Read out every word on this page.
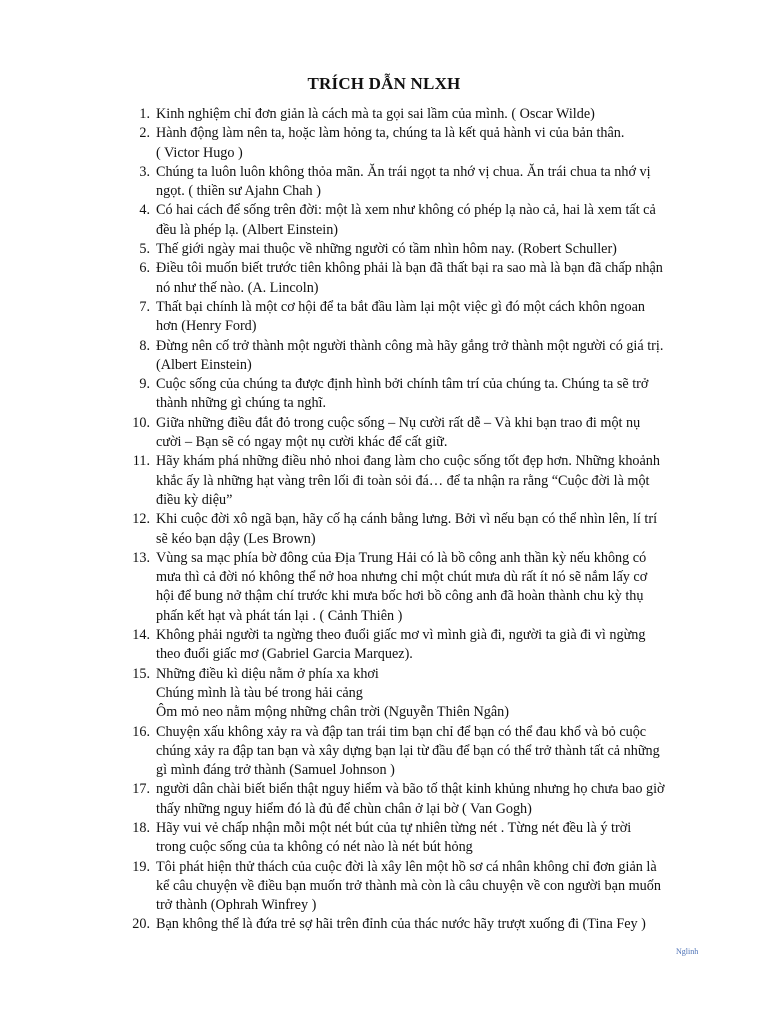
TRÍCH DẪN NLXH
1. Kinh nghiệm chỉ đơn giản là cách mà ta gọi sai lầm của mình. ( Oscar Wilde)
2. Hành động làm nên ta, hoặc làm hỏng ta, chúng ta là kết quả hành vi của bản thân.
( Victor Hugo )
3. Chúng ta luôn luôn không thỏa mãn. Ăn trái ngọt ta nhớ vị chua. Ăn trái chua ta nhớ vị
ngọt. ( thiền sư Ajahn Chah )
4. Có hai cách để sống trên đời: một là xem như không có phép lạ nào cả, hai là xem tất cả
đều là phép lạ. (Albert Einstein)
5. Thế giới ngày mai thuộc về những người có tầm nhìn hôm nay. (Robert Schuller)
6. Điều tôi muốn biết trước tiên không phải là bạn đã thất bại ra sao mà là bạn đã chấp nhận
nó như thế nào. (A. Lincoln)
7. Thất bại chính là một cơ hội để ta bắt đầu làm lại một việc gì đó một cách khôn ngoan
hơn (Henry Ford)
8. Đừng nên cố trở thành một người thành công mà hãy gắng trở thành một người có giá trị.
(Albert Einstein)
9. Cuộc sống của chúng ta được định hình bởi chính tâm trí của chúng ta. Chúng ta sẽ trở
thành những gì chúng ta nghĩ.
10. Giữa những điều đắt đỏ trong cuộc sống – Nụ cười rất dễ – Và khi bạn trao đi một nụ
cười – Bạn sẽ có ngay một nụ cười khác để cất giữ.
11. Hãy khám phá những điều nhỏ nhoi đang làm cho cuộc sống tốt đẹp hơn. Những khoảnh
khắc ấy là những hạt vàng trên lối đi toàn sỏi đá… để ta nhận ra rằng “Cuộc đời là một
điều kỳ diệu”
12. Khi cuộc đời xô ngã bạn, hãy cố hạ cánh bằng lưng. Bởi vì nếu bạn có thể nhìn lên, lí trí
sẽ kéo bạn dậy (Les Brown)
13. Vùng sa mạc phía bờ đông của Địa Trung Hải có là bồ công anh thần kỳ nếu không có
mưa thì cả đời nó không thể nở hoa nhưng chỉ một chút mưa dù rất ít nó sẽ nắm lấy cơ
hội để bung nở thậm chí trước khi mưa bốc hơi bồ công anh đã hoàn thành chu kỳ thụ
phấn kết hạt và phát tán lại . ( Cảnh Thiên )
14. Không phải người ta ngừng theo đuổi giấc mơ vì mình già đi, người ta già đi vì ngừng
theo đuổi giấc mơ (Gabriel Garcia Marquez).
15. Những điều kì diệu nằm ở phía xa khơi
Chúng mình là tàu bé trong hải cảng
Ôm mỏ neo nằm mộng những chân trời (Nguyễn Thiên Ngân)
16. Chuyện xấu không xảy ra và đập tan trái tim bạn chỉ để bạn có thể đau khổ và bỏ cuộc
chúng xảy ra đập tan bạn và xây dựng bạn lại từ đầu để bạn có thể trở thành tất cả những
gì mình đáng trở thành (Samuel Johnson )
17. người dân chài biết biển thật nguy hiểm và bão tố thật kinh khủng nhưng họ chưa bao giờ
thấy những nguy hiểm đó là đủ để chùn chân ở lại bờ ( Van Gogh)
18. Hãy vui vẻ chấp nhận mỗi một nét bút của tự nhiên từng nét . Từng nét đều là ý trời
trong cuộc sống của ta không có nét nào là nét bút hỏng
19. Tôi phát hiện thử thách của cuộc đời là xây lên một hồ sơ cá nhân không chỉ đơn giản là
kể câu chuyện về điều bạn muốn trở thành mà còn là câu chuyện về con người bạn muốn
trở thành (Ophrah Winfrey )
20. Bạn không thể là đứa trẻ sợ hãi trên đỉnh của thác nước hãy trượt xuống đi (Tina Fey )
Nglinh
